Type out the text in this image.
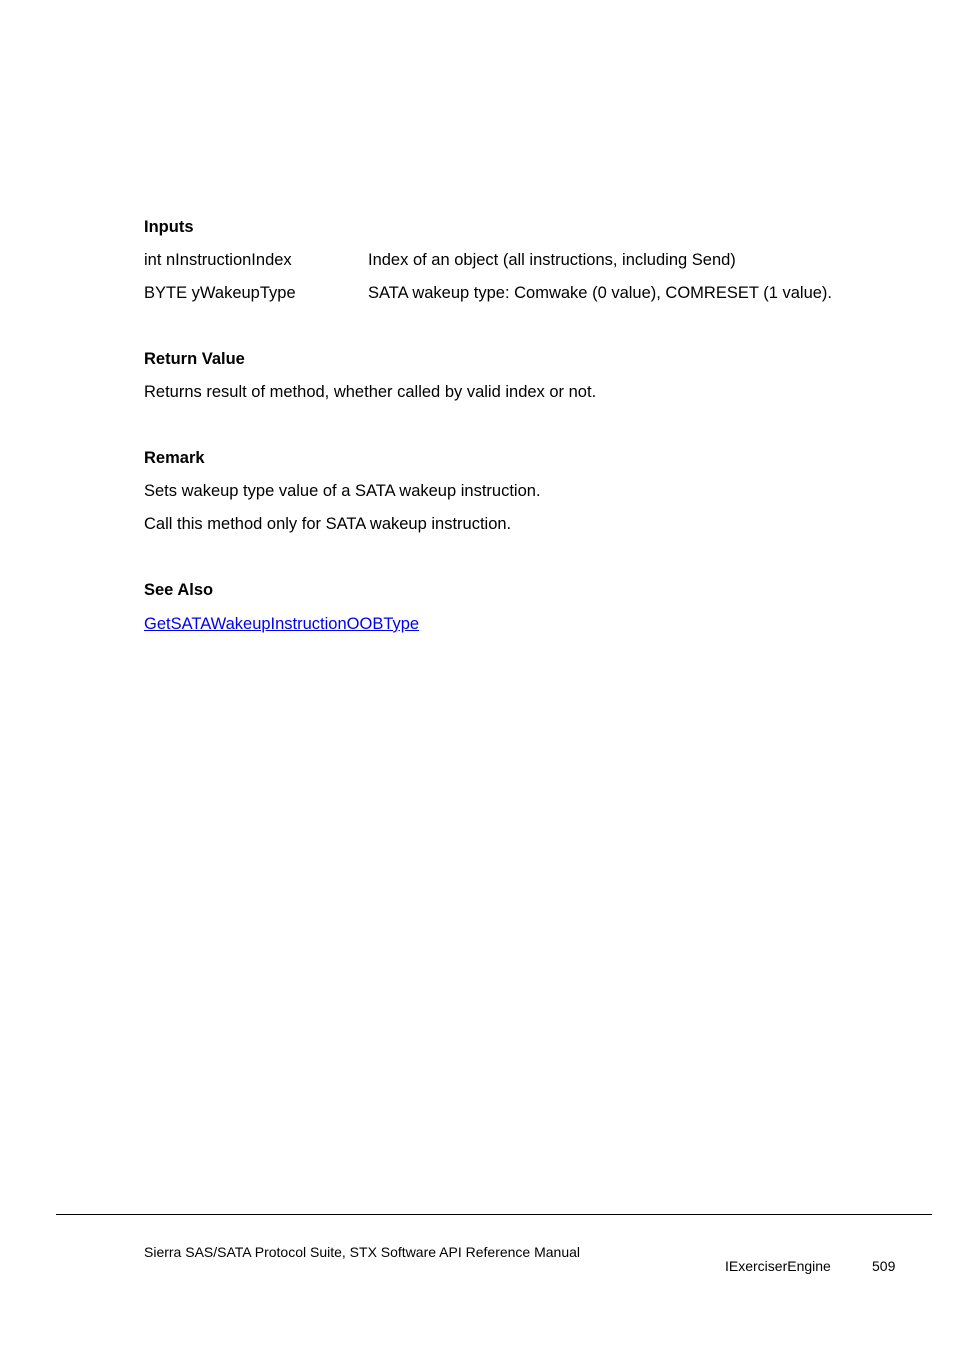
Inputs
int nInstructionIndex	Index of an object (all instructions, including Send)
BYTE yWakeupType	SATA wakeup type: Comwake (0 value), COMRESET (1 value).
Return Value
Returns result of method, whether called by valid index or not.
Remark
Sets wakeup type value of a SATA wakeup instruction.
Call this method only for SATA wakeup instruction.
See Also
GetSATAWakeupInstructionOOBType
Sierra SAS/SATA Protocol Suite, STX Software API Reference Manual
IExerciserEngine	509
